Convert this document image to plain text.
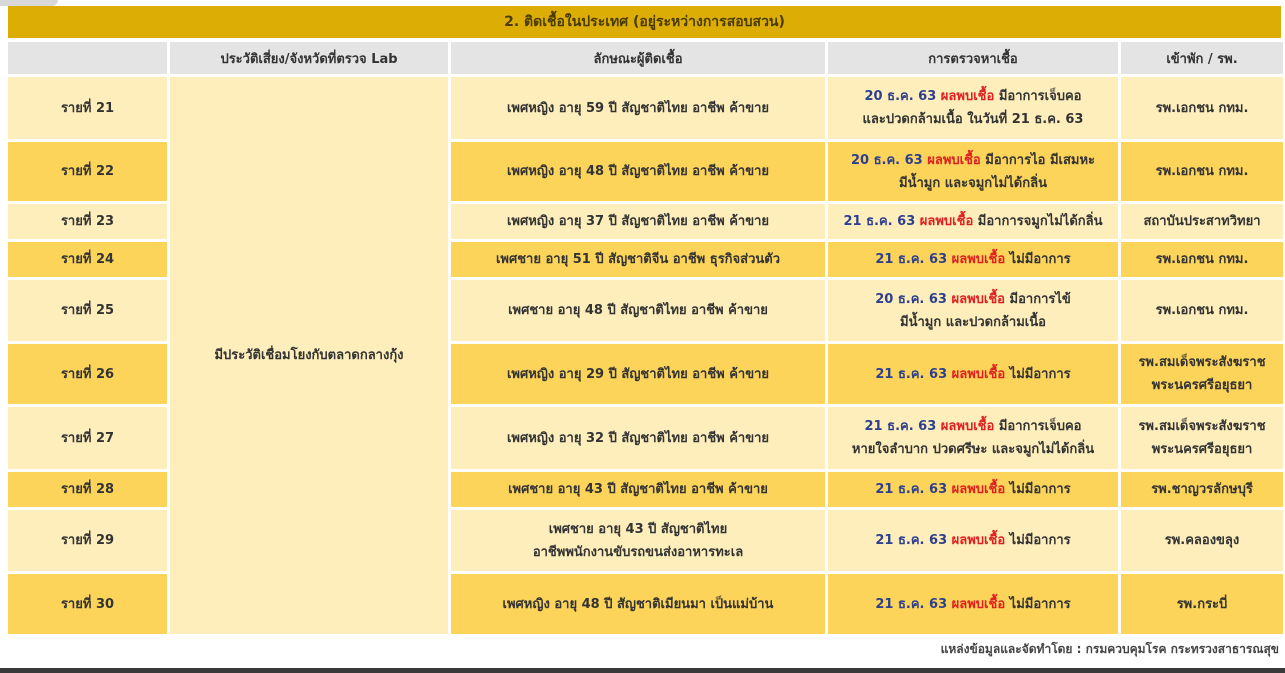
2. ติดเชื้อในประเทศ (อยู่ระหว่างการสอบสวน)
	ประวัติเสี่ยง/จังหวัดที่ตรวจ Lab	ลักษณะผู้ติดเชื้อ	การตรวจหาเชื้อ	เข้าพัก / รพ.
รายที่ 21	มีประวัติเชื่อมโยงกับตลาดกลางกุ้ง	เพศหญิง อายุ 59 ปี สัญชาติไทย อาชีพ ค้าขาย	20 ธ.ค. 63 ผลพบเชื้อ มีอาการเจ็บคอ
และปวดกล้ามเนื้อ ในวันที่ 21 ธ.ค. 63	รพ.เอกชน กทม.

รายที่ 22		เพศหญิง อายุ 48 ปี สัญชาติไทย อาชีพ ค้าขาย	20 ธ.ค. 63 ผลพบเชื้อ มีอาการไอ มีเสมหะ
มีน้ำมูก และจมูกไม่ได้กลิ่น	รพ.เอกชน กทม.

รายที่ 23		เพศหญิง อายุ 37 ปี สัญชาติไทย อาชีพ ค้าขาย	21 ธ.ค. 63 ผลพบเชื้อ มีอาการจมูกไม่ได้กลิ่น	สถาบันประสาทวิทยา

รายที่ 24		เพศชาย อายุ 51 ปี สัญชาติจีน อาชีพ ธุรกิจส่วนตัว	21 ธ.ค. 63 ผลพบเชื้อ ไม่มีอาการ	รพ.เอกชน กทม.

รายที่ 25		เพศชาย อายุ 48 ปี สัญชาติไทย อาชีพ ค้าขาย	20 ธ.ค. 63 ผลพบเชื้อ มีอาการไข้
มีน้ำมูก และปวดกล้ามเนื้อ	รพ.เอกชน กทม.

รายที่ 26		เพศหญิง อายุ 29 ปี สัญชาติไทย อาชีพ ค้าขาย	21 ธ.ค. 63 ผลพบเชื้อ ไม่มีอาการ	รพ.สมเด็จพระสังฆราช
พระนครศรีอยุธยา

รายที่ 27		เพศหญิง อายุ 32 ปี สัญชาติไทย อาชีพ ค้าขาย	21 ธ.ค. 63 ผลพบเชื้อ มีอาการเจ็บคอ
หายใจลำบาก ปวดศรีษะ และจมูกไม่ได้กลิ่น	รพ.สมเด็จพระสังฆราช
พระนครศรีอยุธยา

รายที่ 28		เพศชาย อายุ 43 ปี สัญชาติไทย อาชีพ ค้าขาย	21 ธ.ค. 63 ผลพบเชื้อ ไม่มีอาการ	รพ.ชาญวรลักษบุรี

รายที่ 29		เพศชาย อายุ 43 ปี สัญชาติไทย
อาชีพพนักงานขับรถขนส่งอาหารทะเล	21 ธ.ค. 63 ผลพบเชื้อ ไม่มีอาการ	รพ.คลองขลุง

รายที่ 30		เพศหญิง อายุ 48 ปี สัญชาติเมียนมา เป็นแม่บ้าน	21 ธ.ค. 63 ผลพบเชื้อ ไม่มีอาการ	รพ.กระบี่
แหล่งข้อมูลและจัดทำโดย : กรมควบคุมโรค กระทรวงสาธารณสุข
